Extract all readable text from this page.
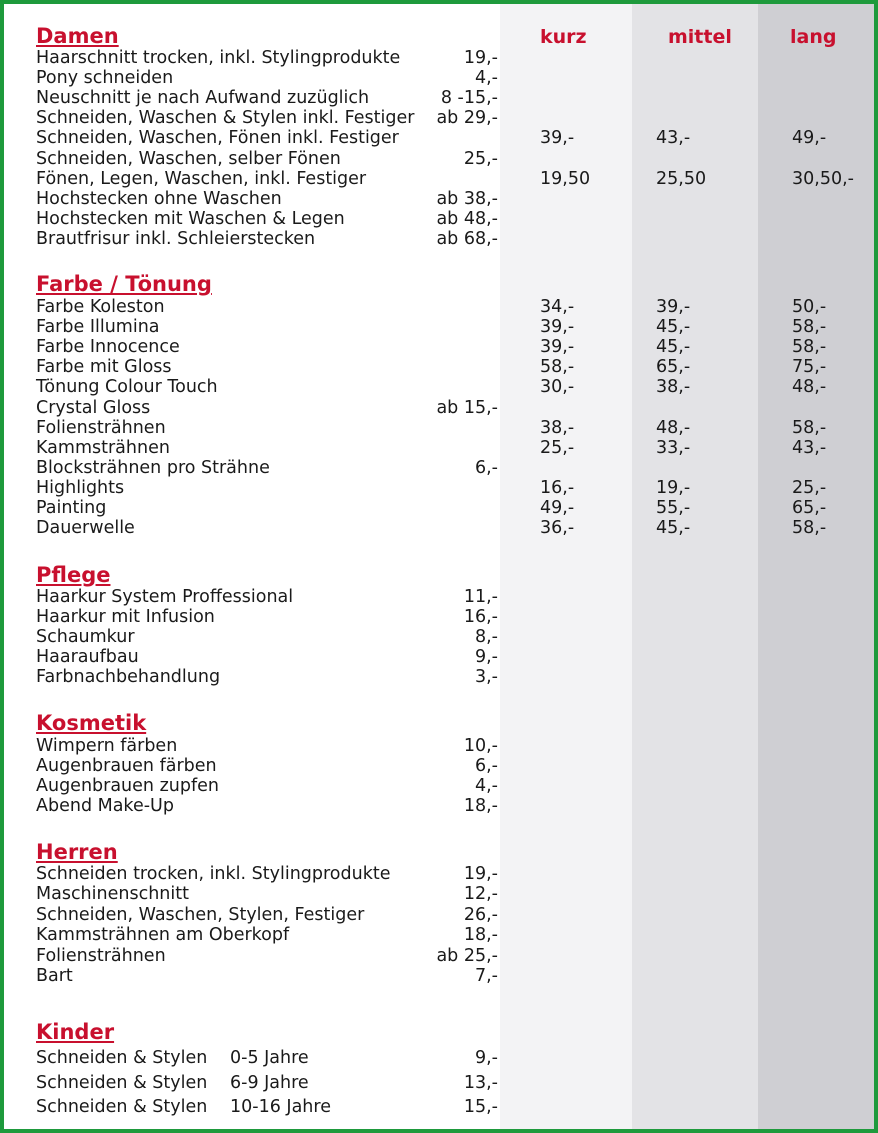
kurz	mittel	lang
Damen
Haarschnitt trocken, inkl. Stylingprodukte	19,-
Pony schneiden	4,-
Neuschnitt je nach Aufwand zuzüglich	8 -15,-
Schneiden, Waschen & Stylen inkl. Festiger	ab 29,-
Schneiden, Waschen, Fönen inkl. Festiger	39,-	43,-	49,-
Schneiden, Waschen, selber Fönen	25,-
Fönen, Legen, Waschen, inkl. Festiger	19,50	25,50	30,50,-
Hochstecken ohne Waschen	ab 38,-
Hochstecken mit Waschen & Legen	ab 48,-
Brautfrisur inkl. Schleierstecken	ab 68,-
Farbe / Tönung
Farbe Koleston	34,-	39,-	50,-
Farbe Illumina	39,-	45,-	58,-
Farbe Innocence	39,-	45,-	58,-
Farbe mit Gloss	58,-	65,-	75,-
Tönung Colour Touch	30,-	38,-	48,-
Crystal Gloss	ab 15,-
Foliensträhnen	38,-	48,-	58,-
Kammsträhnen	25,-	33,-	43,-
Blocksträhnen pro Strähne	6,-
Highlights	16,-	19,-	25,-
Painting	49,-	55,-	65,-
Dauerwelle	36,-	45,-	58,-
Pflege
Haarkur System Proffessional	11,-
Haarkur mit Infusion	16,-
Schaumkur	8,-
Haaraufbau	9,-
Farbnachbehandlung	3,-
Kosmetik
Wimpern färben	10,-
Augenbrauen färben	6,-
Augenbrauen zupfen	4,-
Abend Make-Up	18,-
Herren
Schneiden trocken, inkl. Stylingprodukte	19,-
Maschinenschnitt	12,-
Schneiden, Waschen, Stylen, Festiger	26,-
Kammsträhnen am Oberkopf	18,-
Foliensträhnen	ab 25,-
Bart	7,-
Kinder
Schneiden & Stylen 0-5 Jahre	9,-
Schneiden & Stylen 6-9 Jahre	13,-
Schneiden & Stylen 10-16 Jahre	15,-
